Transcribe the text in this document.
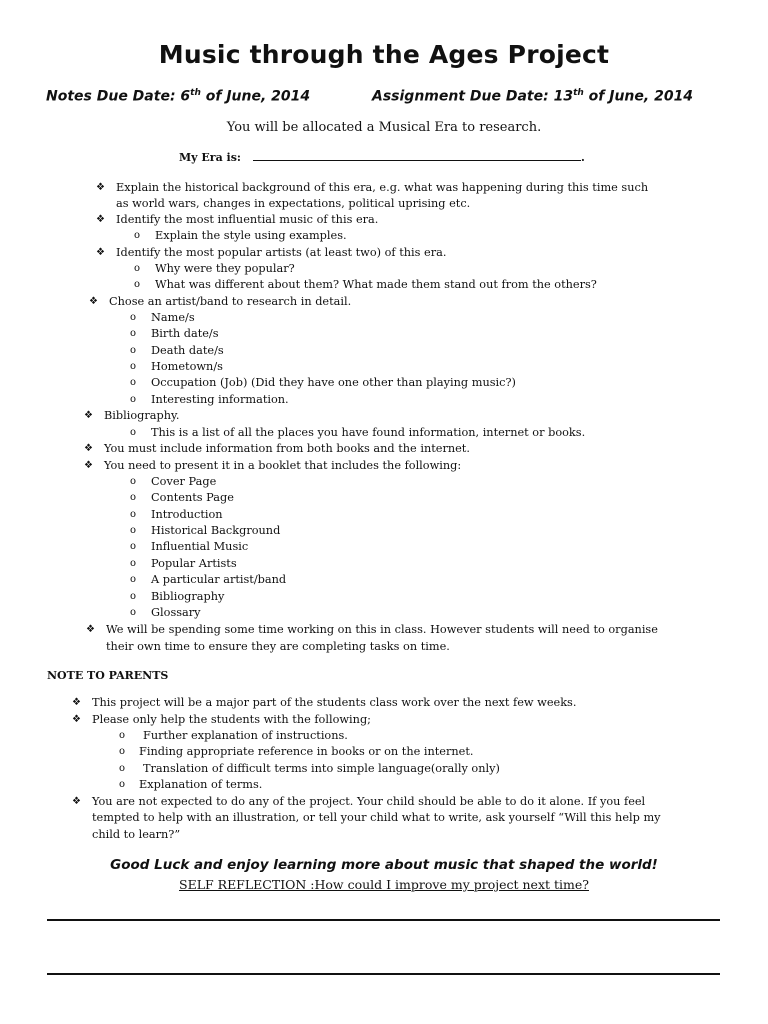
Music through the Ages Project
Notes Due Date: 6th of June, 2014	Assignment Due Date: 13th of June, 2014
You will be allocated a Musical Era to research.
My Era is:	.
❖ Explain the historical background of this era, e.g. what was happening during this time such
as world wars, changes in expectations, political uprising etc.
❖ Identify the most influential music of this era.
o Explain the style using examples.
❖ Identify the most popular artists (at least two) of this era.
o Why were they popular?
o What was different about them? What made them stand out from the others?
❖ Chose an artist/band to research in detail.
o Name/s
o Birth date/s
o Death date/s
o Hometown/s
o Occupation (Job) (Did they have one other than playing music?)
o Interesting information.
❖ Bibliography.
o This is a list of all the places you have found information, internet or books.
❖ You must include information from both books and the internet.
❖ You need to present it in a booklet that includes the following:
o Cover Page
o Contents Page
o Introduction
o Historical Background
o Influential Music
o Popular Artists
o A particular artist/band
o Bibliography
o Glossary
❖ We will be spending some time working on this in class. However students will need to organise
their own time to ensure they are completing tasks on time.
NOTE TO PARENTS
❖ This project will be a major part of the students class work over the next few weeks.
❖ Please only help the students with the following;
o Further explanation of instructions.
o Finding appropriate reference in books or on the internet.
o Translation of difficult terms into simple language(orally only)
o Explanation of terms.
❖ You are not expected to do any of the project. Your child should be able to do it alone. If you feel
tempted to help with an illustration, or tell your child what to write, ask yourself “Will this help my
child to learn?”
Good Luck and enjoy learning more about music that shaped the world!
SELF REFLECTION :How could I improve my project next time?
